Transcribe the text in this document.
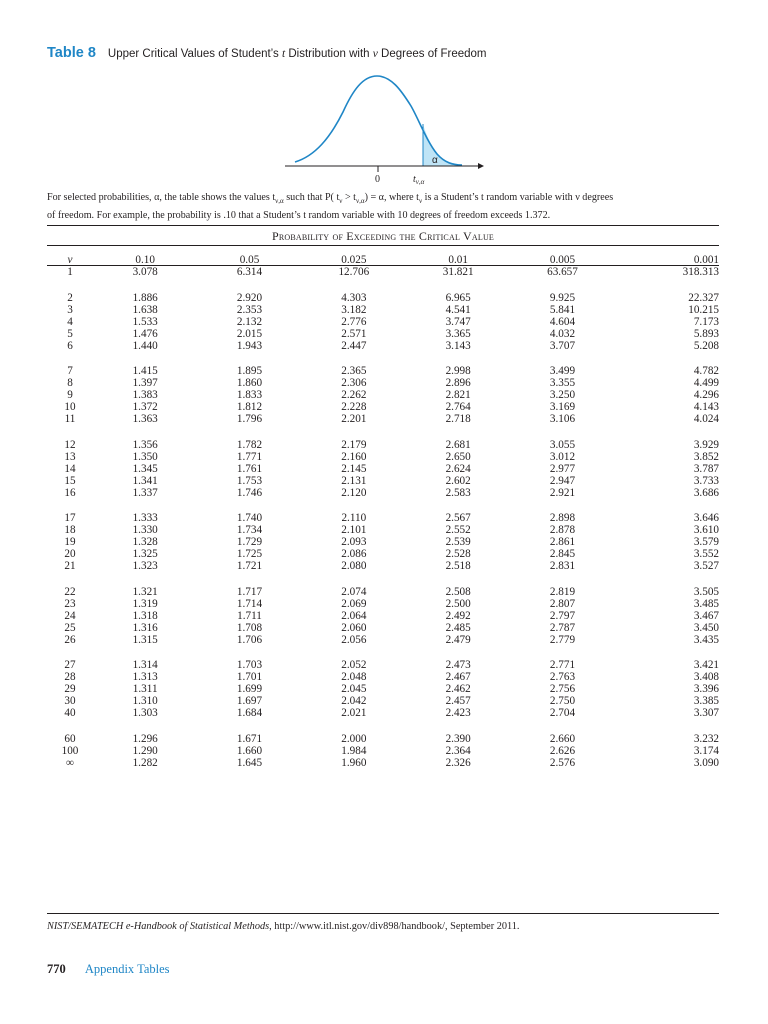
Table 8 Upper Critical Values of Student’s t Distribution with ν Degrees of Freedom
0
α
$t_{\nu,\alpha}$

For selected probabilities, α, the table shows the values $t_{\nu,\alpha}$ such that P( $t_\nu > t_{\nu,\alpha}) = \alpha$, where $t_\nu$ is a Student’s t random variable with ν degrees

of freedom. For example, the probability is .10 that a Student’s t random variable with 10 degrees of freedom exceeds 1.372.

Probability of Exceeding the Critical Value
ν	0.10	0.05	0.025	0.01	0.005	0.001
1	3.078	6.314	12.706	31.821	63.657	318.313
2	1.886	2.920	4.303	6.965	9.925	22.327
3	1.638	2.353	3.182	4.541	5.841	10.215
4	1.533	2.132	2.776	3.747	4.604	7.173
5	1.476	2.015	2.571	3.365	4.032	5.893
6	1.440	1.943	2.447	3.143	3.707	5.208
7	1.415	1.895	2.365	2.998	3.499	4.782
8	1.397	1.860	2.306	2.896	3.355	4.499
9	1.383	1.833	2.262	2.821	3.250	4.296
10	1.372	1.812	2.228	2.764	3.169	4.143
11	1.363	1.796	2.201	2.718	3.106	4.024
12	1.356	1.782	2.179	2.681	3.055	3.929
13	1.350	1.771	2.160	2.650	3.012	3.852
14	1.345	1.761	2.145	2.624	2.977	3.787
15	1.341	1.753	2.131	2.602	2.947	3.733
16	1.337	1.746	2.120	2.583	2.921	3.686
17	1.333	1.740	2.110	2.567	2.898	3.646
18	1.330	1.734	2.101	2.552	2.878	3.610
19	1.328	1.729	2.093	2.539	2.861	3.579
20	1.325	1.725	2.086	2.528	2.845	3.552
21	1.323	1.721	2.080	2.518	2.831	3.527
22	1.321	1.717	2.074	2.508	2.819	3.505
23	1.319	1.714	2.069	2.500	2.807	3.485
24	1.318	1.711	2.064	2.492	2.797	3.467
25	1.316	1.708	2.060	2.485	2.787	3.450
26	1.315	1.706	2.056	2.479	2.779	3.435
27	1.314	1.703	2.052	2.473	2.771	3.421
28	1.313	1.701	2.048	2.467	2.763	3.408
29	1.311	1.699	2.045	2.462	2.756	3.396
30	1.310	1.697	2.042	2.457	2.750	3.385
40	1.303	1.684	2.021	2.423	2.704	3.307
60	1.296	1.671	2.000	2.390	2.660	3.232
100	1.290	1.660	1.984	2.364	2.626	3.174
∞	1.282	1.645	1.960	2.326	2.576	3.090
NIST/SEMATECH e-Handbook of Statistical Methods, http://www.itl.nist.gov/div898/handbook/, September 2011.
770 Appendix Tables
